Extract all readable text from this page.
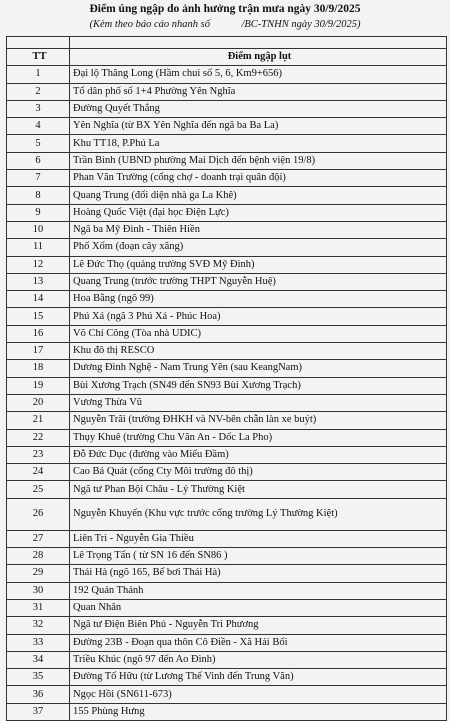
Điểm úng ngập do ảnh hưởng trận mưa ngày 30/9/2025
(Kèm theo báo cáo nhanh số            /BC-TNHN ngày 30/9/2025)

TT	Điểm ngập lụt
1	Đại lộ Thăng Long (Hầm chui số 5, 6, Km9+656)
2	Tổ dân phố số 1+4 Phường Yên Nghĩa
3	Đường Quyết Thắng
4	Yên Nghĩa (từ BX Yên Nghĩa đến ngã ba Ba La)
5	Khu TT18, P.Phú La
6	Trần Bình (UBND phường Mai Dịch đến bệnh viện 19/8)
7	Phan Văn Trường (cổng chợ - doanh trại quân đội)
8	Quang Trung (đối diện nhà ga La Khê)
9	Hoàng Quốc Việt (đại học Điện Lực)
10	Ngã ba Mỹ Đình - Thiên Hiền
11	Phố Xốm (đoạn cây xăng)
12	Lê Đức Thọ (quảng trường SVĐ Mỹ Đình)
13	Quang Trung (trước trường THPT Nguyễn Huệ)
14	Hoa Bằng (ngõ 99)
15	Phú Xá (ngã 3 Phú Xá - Phúc Hoa)
16	Võ Chí Công (Tòa nhà UDIC)
17	Khu đô thị RESCO
18	Dương Đình Nghệ - Nam Trung Yên (sau KeangNam)
19	Bùi Xương Trạch (SN49 đến SN93 Bùi Xương Trạch)
20	Vương Thừa Vũ
21	Nguyễn Trãi (trường ĐHKH và NV-bên chẵn làn xe buýt)
22	Thụy Khuê (trường Chu Văn An - Dốc La Pho)
23	Đỗ Đức Dục (đường vào Miếu Đầm)
24	Cao Bá Quát (cổng Cty Môi trường đô thị)
25	Ngã tư Phan Bội Châu - Lý Thường Kiệt
26	Nguyễn Khuyến (Khu vực trước cổng trường Lý Thường Kiệt)
27	Liên Trì - Nguyễn Gia Thiều
28	Lê Trọng Tấn ( từ SN 16 đến SN86 )
29	Thái Hà (ngõ 165, Bể bơi Thái Hà)
30	192 Quán Thánh
31	Quan Nhân
32	Ngã tư Điện Biên Phủ - Nguyễn Tri Phương
33	Đường 23B - Đoạn qua thôn Cô Điền - Xã Hải Bối
34	Triều Khúc (ngõ 97 đến Ao Đình)
35	Đường Tố Hữu (từ Lương Thế Vinh đến Trung Văn)
36	Ngọc Hồi (SN611-673)
37	155 Phùng Hưng
